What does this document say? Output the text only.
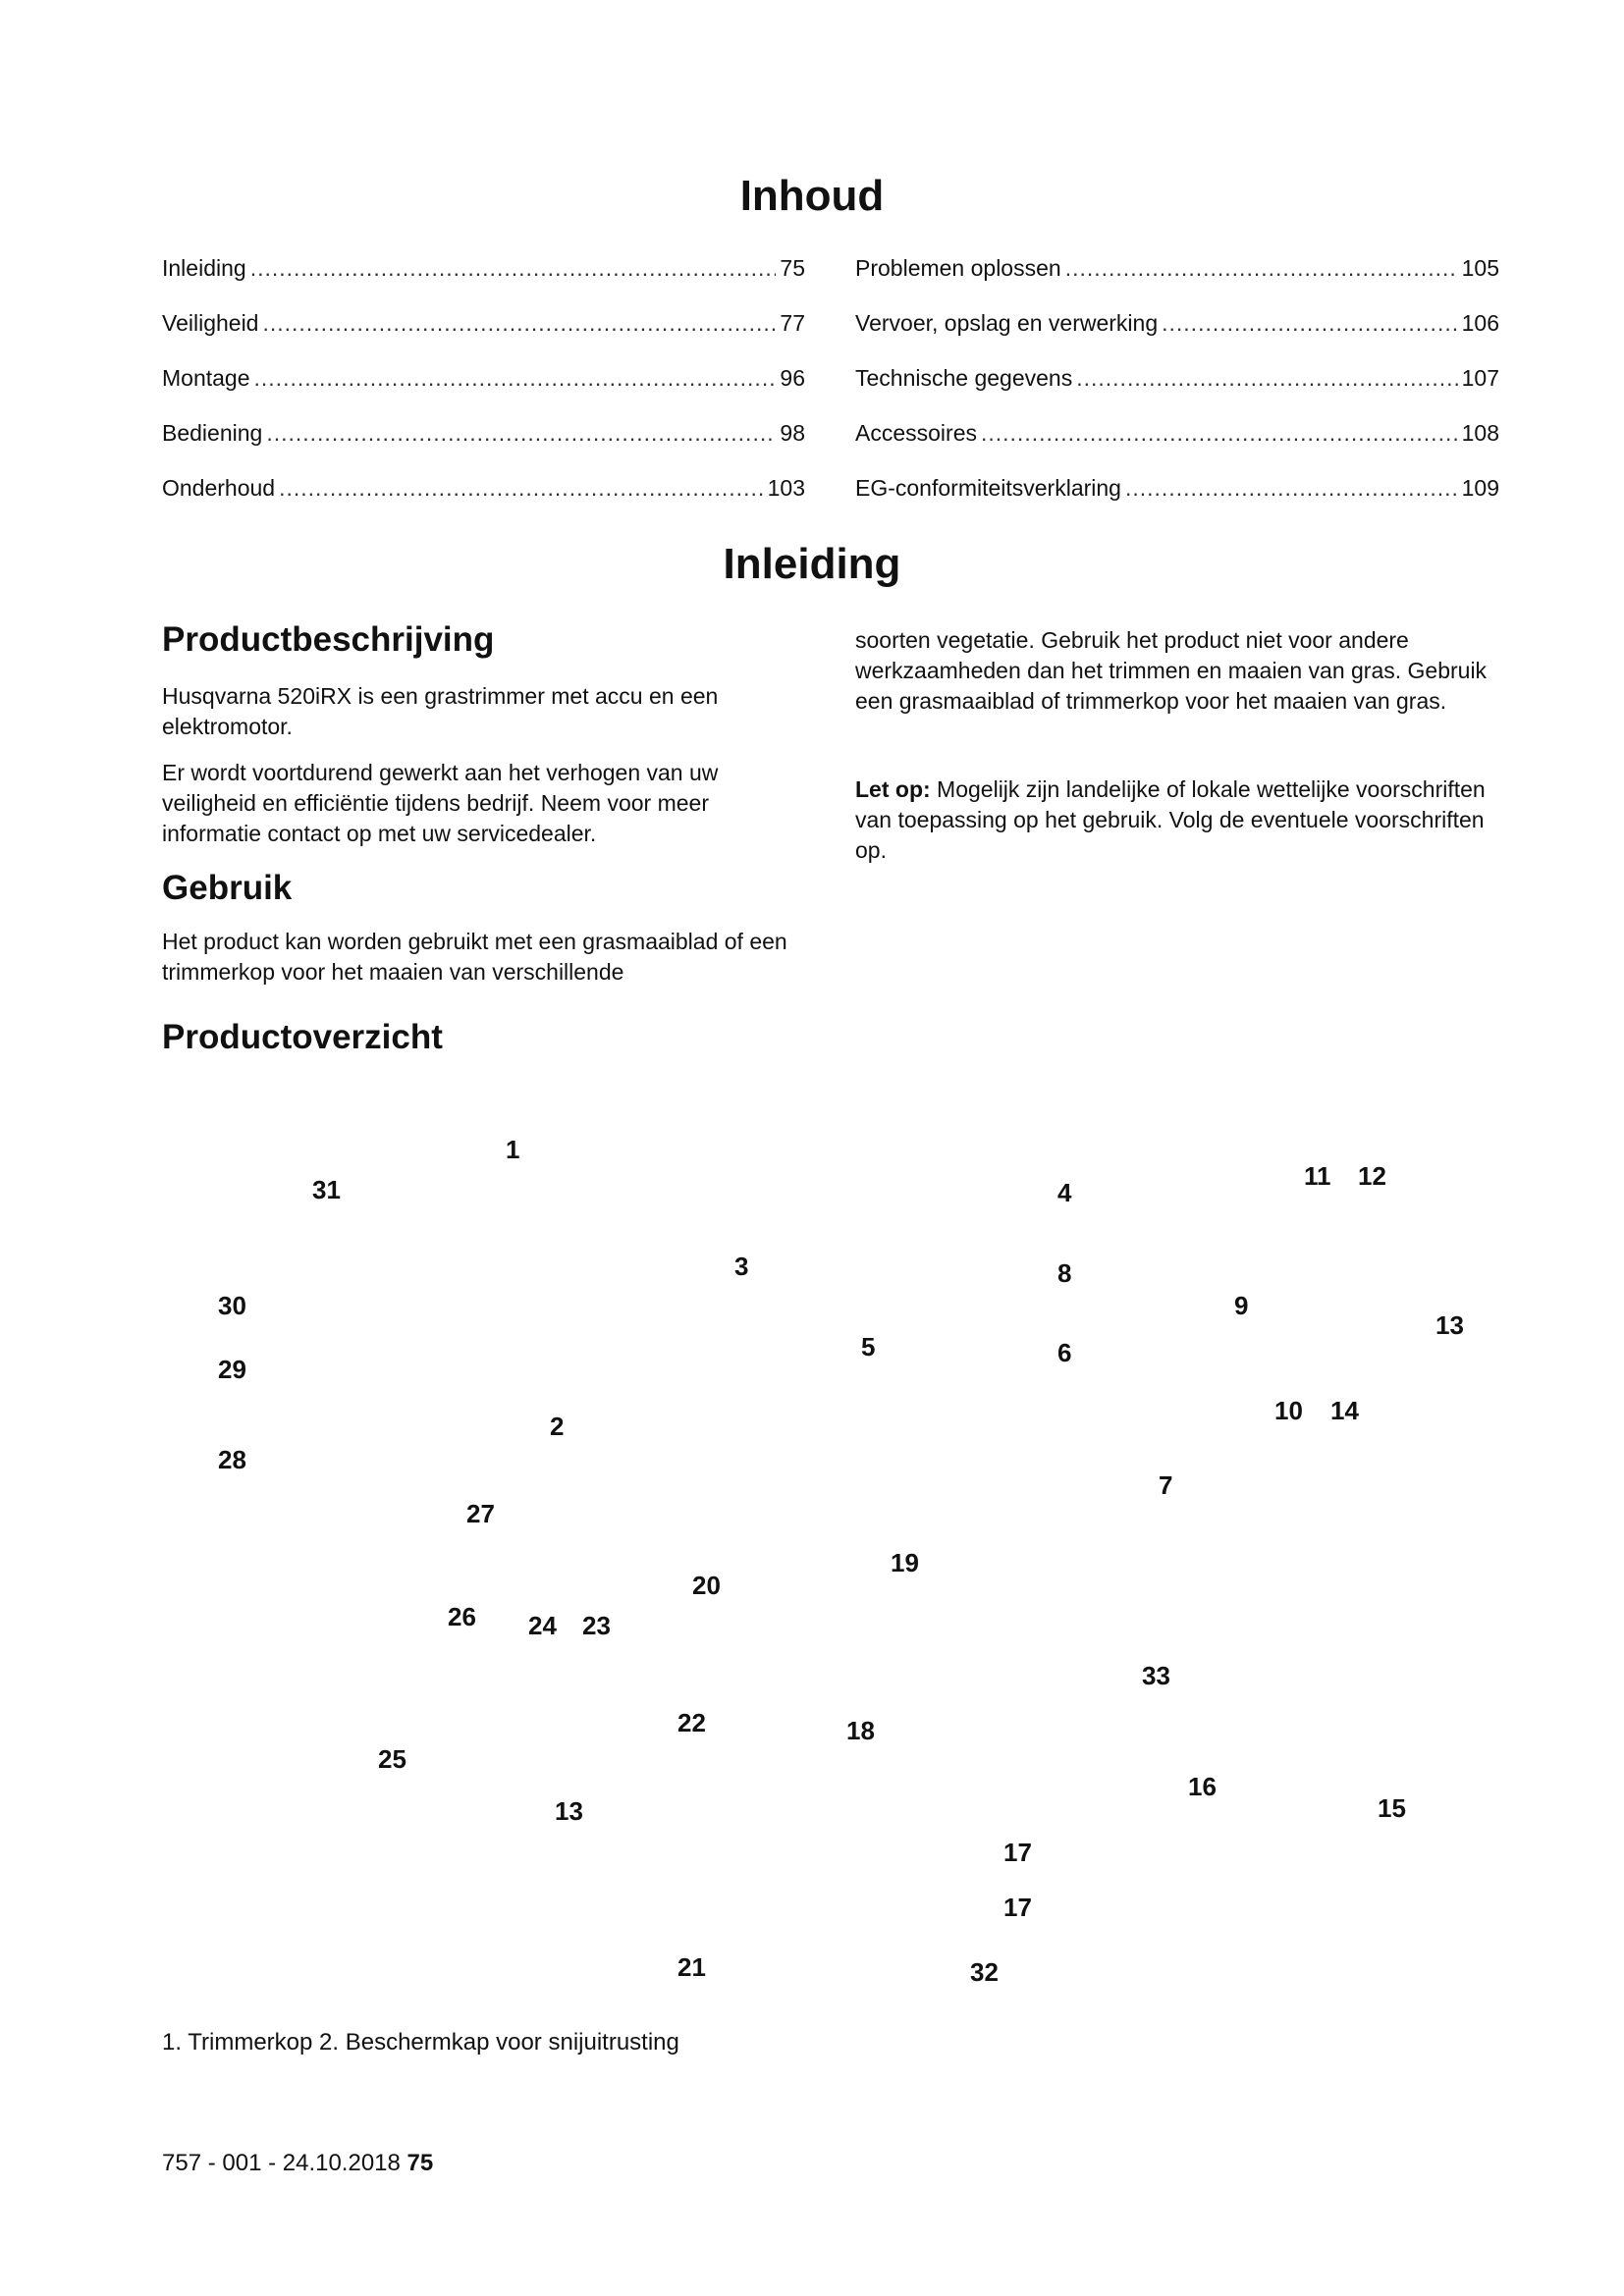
Inhoud
Inleiding .....	75
Veiligheid .....	77
Montage .....	96
Bediening .....	98
Onderhoud .....	103
Problemen oplossen .....	105
Vervoer, opslag en verwerking .....	106
Technische gegevens .....	107
Accessoires .....	108
EG-conformiteitsverklaring .....	109
Inleiding
Productbeschrijving

Husqvarna 520iRX is een grastrimmer met accu en een elektromotor.

Er wordt voortdurend gewerkt aan het verhogen van uw veiligheid en efficiëntie tijdens bedrijf. Neem voor meer informatie contact op met uw servicedealer.

Gebruik

Het product kan worden gebruikt met een grasmaaiblad of een trimmerkop voor het maaien van verschillende

soorten vegetatie. Gebruik het product niet voor andere werkzaamheden dan het trimmen en maaien van gras. Gebruik een grasmaaiblad of trimmerkop voor het maaien van gras.

Let op: Mogelijk zijn landelijke of lokale wettelijke voorschriften van toepassing op het gebruik. Volg de eventuele voorschriften op.

Productoverzicht
1
31
3
30
29
2
28
27
26 24 23
20
22
25
13
21
4
8
5	6
19
18
17
17
32
11 12
9
13
10 14
7
33
16
15
1. Trimmerkop 2. Beschermkap voor snijuitrusting
757 - 001 - 24.10.2018 75
